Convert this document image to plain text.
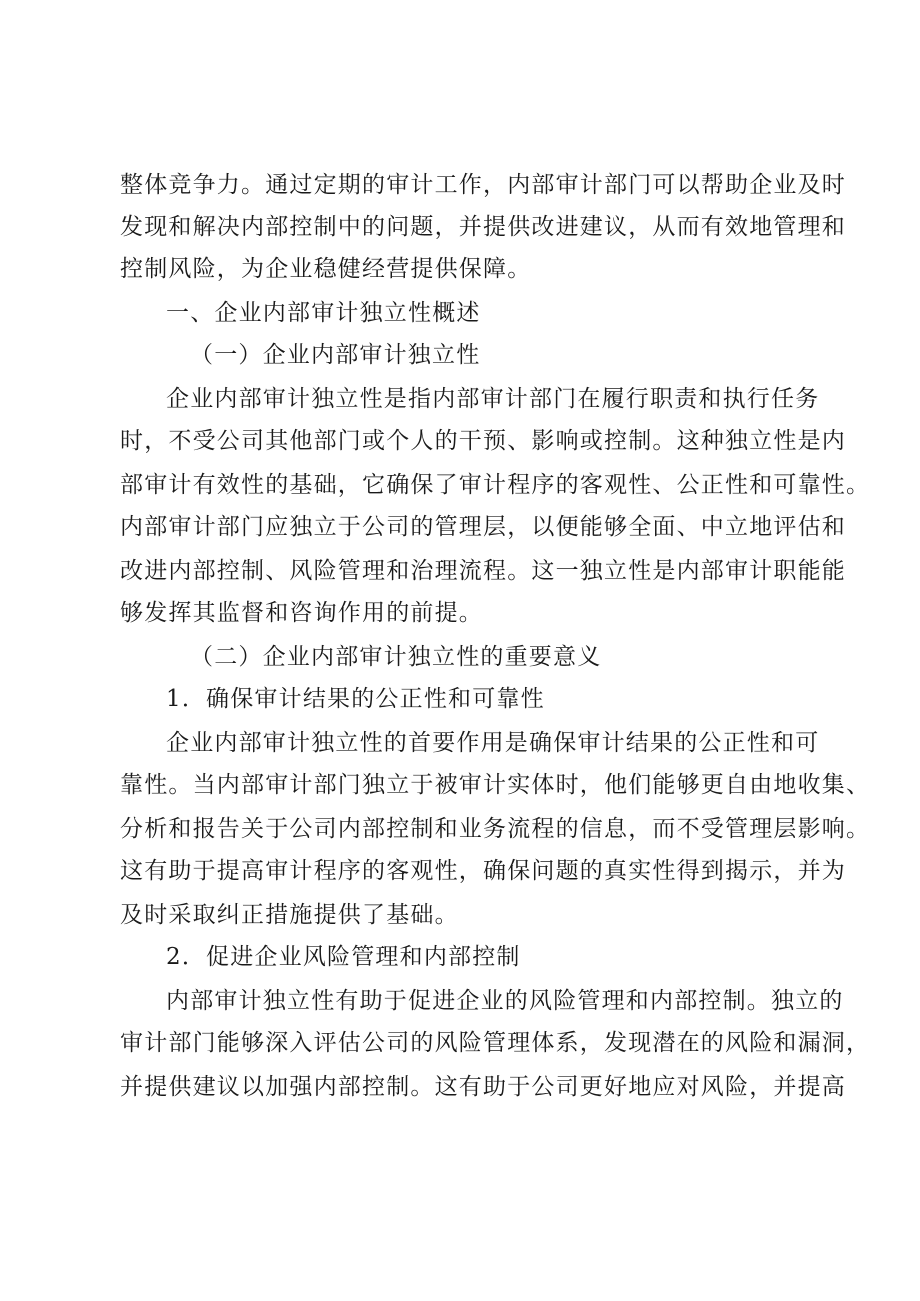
整体竞争力。通过定期的审计工作，内部审计部门可以帮助企业及时
发现和解决内部控制中的问题，并提供改进建议，从而有效地管理和
控制风险，为企业稳健经营提供保障。
一、企业内部审计独立性概述
（一）企业内部审计独立性
企业内部审计独立性是指内部审计部门在履行职责和执行任务
时，不受公司其他部门或个人的干预、影响或控制。这种独立性是内
部审计有效性的基础，它确保了审计程序的客观性、公正性和可靠性。
内部审计部门应独立于公司的管理层，以便能够全面、中立地评估和
改进内部控制、风险管理和治理流程。这一独立性是内部审计职能能
够发挥其监督和咨询作用的前提。
（二）企业内部审计独立性的重要意义
1．确保审计结果的公正性和可靠性
企业内部审计独立性的首要作用是确保审计结果的公正性和可
靠性。当内部审计部门独立于被审计实体时，他们能够更自由地收集、
分析和报告关于公司内部控制和业务流程的信息，而不受管理层影响。
这有助于提高审计程序的客观性，确保问题的真实性得到揭示，并为
及时采取纠正措施提供了基础。
2．促进企业风险管理和内部控制
内部审计独立性有助于促进企业的风险管理和内部控制。独立的
审计部门能够深入评估公司的风险管理体系，发现潜在的风险和漏洞，
并提供建议以加强内部控制。这有助于公司更好地应对风险，并提高
